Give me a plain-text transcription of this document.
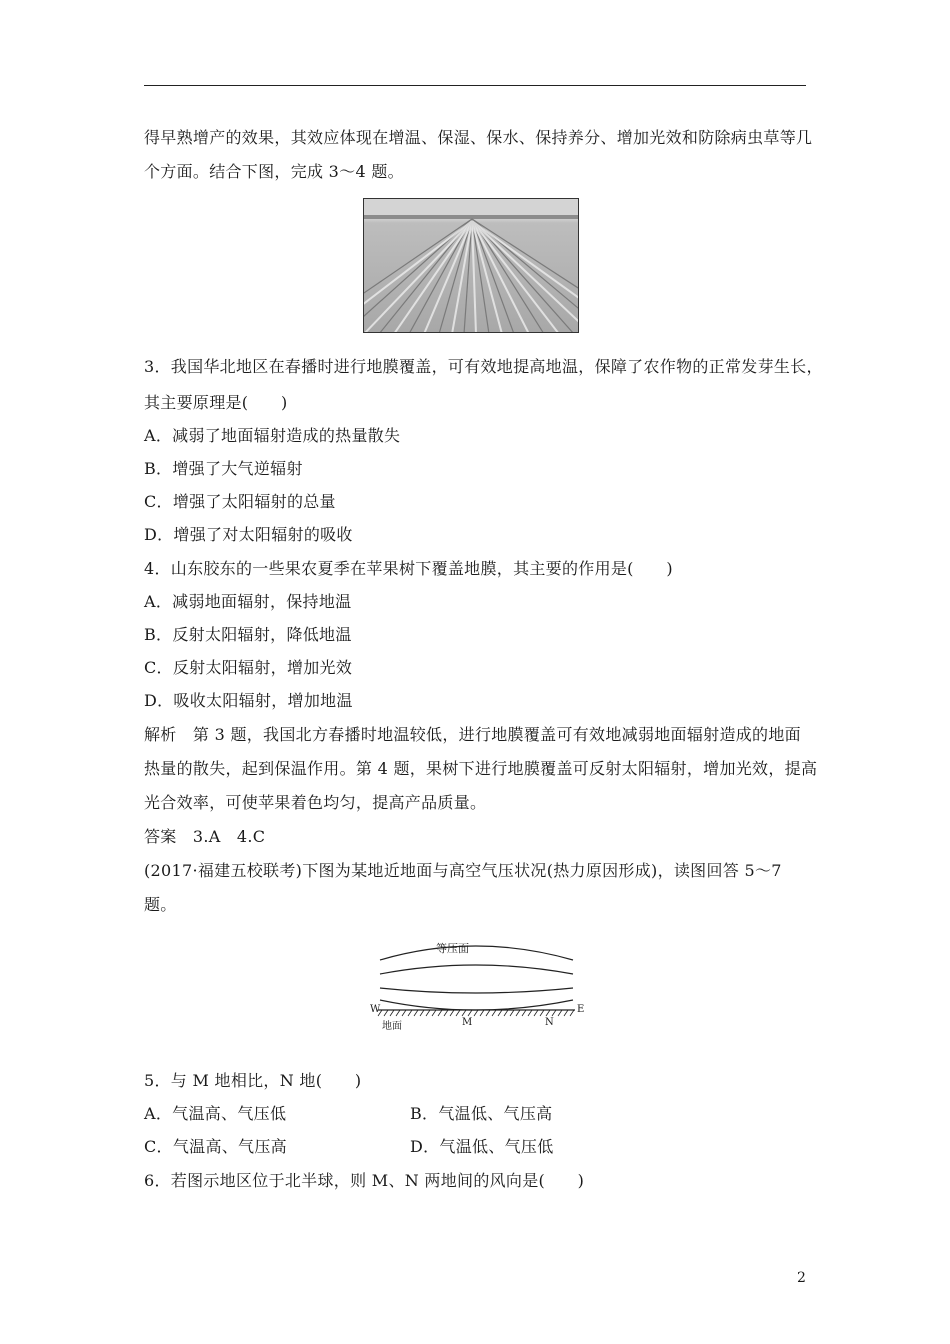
得早熟增产的效果，其效应体现在增温、保湿、保水、保持养分、增加光效和防除病虫草等几
个方面。结合下图，完成 3～4 题。
3．我国华北地区在春播时进行地膜覆盖，可有效地提高地温，保障了农作物的正常发芽生长，
其主要原理是(　　)
A．减弱了地面辐射造成的热量散失
B．增强了大气逆辐射
C．增强了太阳辐射的总量
D．增强了对太阳辐射的吸收
4．山东胶东的一些果农夏季在苹果树下覆盖地膜，其主要的作用是(　　)
A．减弱地面辐射，保持地温
B．反射太阳辐射，降低地温
C．反射太阳辐射，增加光效
D．吸收太阳辐射，增加地温
解析　第 3 题，我国北方春播时地温较低，进行地膜覆盖可有效地减弱地面辐射造成的地面
热量的散失，起到保温作用。第 4 题，果树下进行地膜覆盖可反射太阳辐射，增加光效，提高
光合效率，可使苹果着色均匀，提高产品质量。
答案　3.A　4.C
(2017·福建五校联考)下图为某地近地面与高空气压状况(热力原因形成)，读图回答 5～7
题。
等压面
W	E
地面	M	N
5．与 M 地相比，N 地(　　)
A．气温高、气压低	B．气温低、气压高
C．气温高、气压高	D．气温低、气压低
6．若图示地区位于北半球，则 M、N 两地间的风向是(　　)
2
